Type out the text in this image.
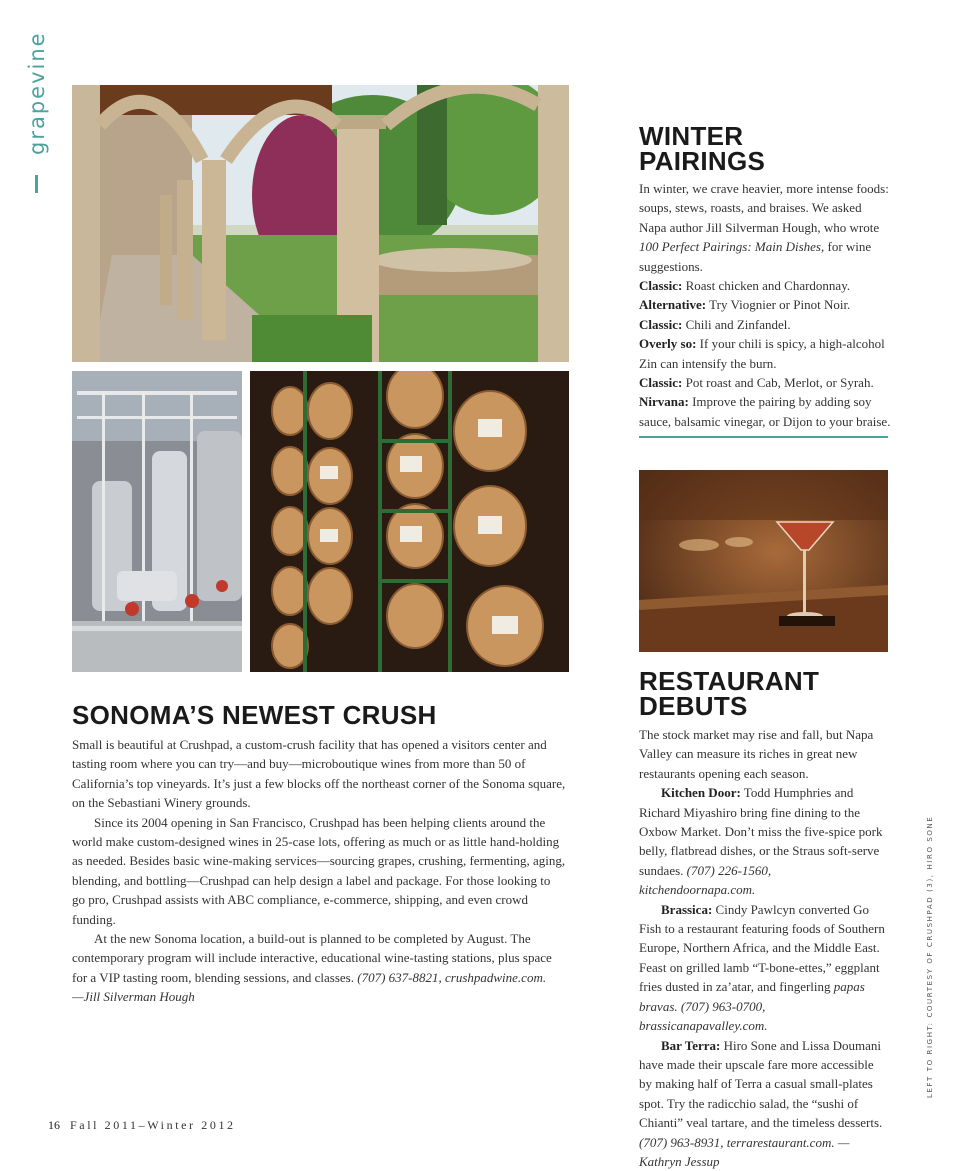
grapevine
SONOMA’S NEWEST CRUSH

Small is beautiful at Crushpad, a custom-crush facility that has opened a visitors center and tasting room where you can try—and buy—microboutique wines from more than 50 of California’s top vineyards. It’s just a few blocks off the northeast corner of the Sonoma square, on the Sebastiani Winery grounds.

Since its 2004 opening in San Francisco, Crushpad has been helping clients around the world make custom-designed wines in 25-case lots, offering as much or as little hand-holding as needed. Besides basic wine-making services—sourcing grapes, crushing, fermenting, aging, blending, and bottling—Crushpad can help design a label and package. For those looking to go pro, Crushpad assists with ABC compliance, e-commerce, shipping, and even crowd funding.

At the new Sonoma location, a build-out is planned to be completed by August. The contemporary program will include interactive, educational wine-tasting stations, plus space for a VIP tasting room, blending sessions, and classes. (707) 637-8821, crushpadwine.com.

—Jill Silverman Hough

WINTER
PAIRINGS

In winter, we crave heavier, more intense foods: soups, stews, roasts, and braises. We asked Napa author Jill Silverman Hough, who wrote 100 Perfect Pairings: Main Dishes, for wine suggestions.

Classic: Roast chicken and Chardonnay.

Alternative: Try Viognier or Pinot Noir.

Classic: Chili and Zinfandel.

Overly so: If your chili is spicy, a high-alcohol Zin can intensify the burn.

Classic: Pot roast and Cab, Merlot, or Syrah.

Nirvana: Improve the pairing by adding soy sauce, balsamic vinegar, or Dijon to your braise.

RESTAURANT
DEBUTS

The stock market may rise and fall, but Napa Valley can measure its riches in great new restaurants opening each season.

Kitchen Door: Todd Humphries and Richard Miyashiro bring fine dining to the Oxbow Market. Don’t miss the five-spice pork belly, flatbread dishes, or the Straus soft-serve sundaes. (707) 226-1560, kitchendoornapa.com.

Brassica: Cindy Pawlcyn converted Go Fish to a restaurant featuring foods of Southern Europe, Northern Africa, and the Middle East. Feast on grilled lamb “T-bone-ettes,” eggplant fries dusted in za’atar, and fingerling papas bravas. (707) 963-0700, brassicanapavalley.com.

Bar Terra: Hiro Sone and Lissa Doumani have made their upscale fare more accessible by making half of Terra a casual small-plates spot. Try the radicchio salad, the “sushi of Chianti” veal tartare, and the timeless desserts. (707) 963-8931, terrarestaurant.com. —Kathryn Jessup

LEFT TO RIGHT: COURTESY OF CRUSHPAD (3), HIRO SONE
16 Fall 2011–Winter 2012
